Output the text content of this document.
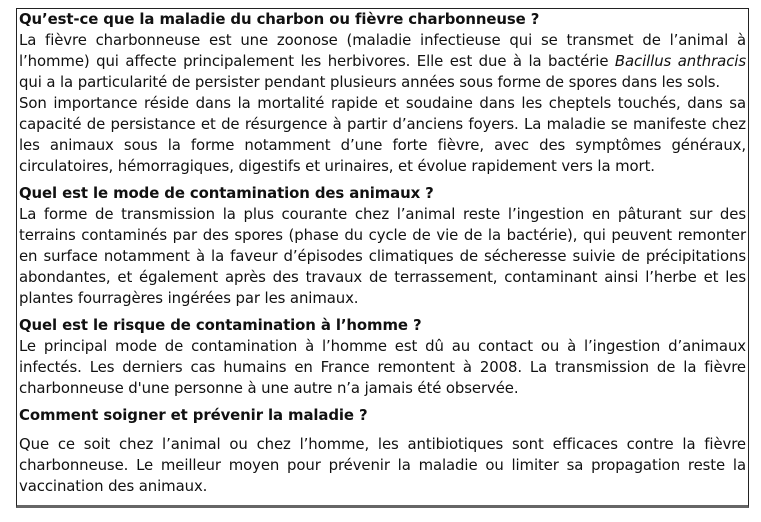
Qu’est-ce que la maladie du charbon ou fièvre charbonneuse ?

La fièvre charbonneuse est une zoonose (maladie infectieuse qui se transmet de l’animal à l’homme) qui affecte principalement les herbivores. Elle est due à la bactérie Bacillus anthracis qui a la particularité de persister pendant plusieurs années sous forme de spores dans les sols.

Son importance réside dans la mortalité rapide et soudaine dans les cheptels touchés, dans sa capacité de persistance et de résurgence à partir d’anciens foyers. La maladie se manifeste chez les animaux sous la forme notamment d’une forte fièvre, avec des symptômes généraux, circulatoires, hémorragiques, digestifs et urinaires, et évolue rapidement vers la mort.

Quel est le mode de contamination des animaux ?

La forme de transmission la plus courante chez l’animal reste l’ingestion en pâturant sur des terrains contaminés par des spores (phase du cycle de vie de la bactérie), qui peuvent remonter en surface notamment à la faveur d’épisodes climatiques de sécheresse suivie de précipitations abondantes, et également après des travaux de terrassement, contaminant ainsi l’herbe et les plantes fourragères ingérées par les animaux.

Quel est le risque de contamination à l’homme ?

Le principal mode de contamination à l’homme est dû au contact ou à l’ingestion d’animaux infectés. Les derniers cas humains en France remontent à 2008. La transmission de la fièvre charbonneuse d'une personne à une autre n’a jamais été observée.

Comment soigner et prévenir la maladie ?

Que ce soit chez l’animal ou chez l’homme, les antibiotiques sont efficaces contre la fièvre charbonneuse. Le meilleur moyen pour prévenir la maladie ou limiter sa propagation reste la vaccination des animaux.
